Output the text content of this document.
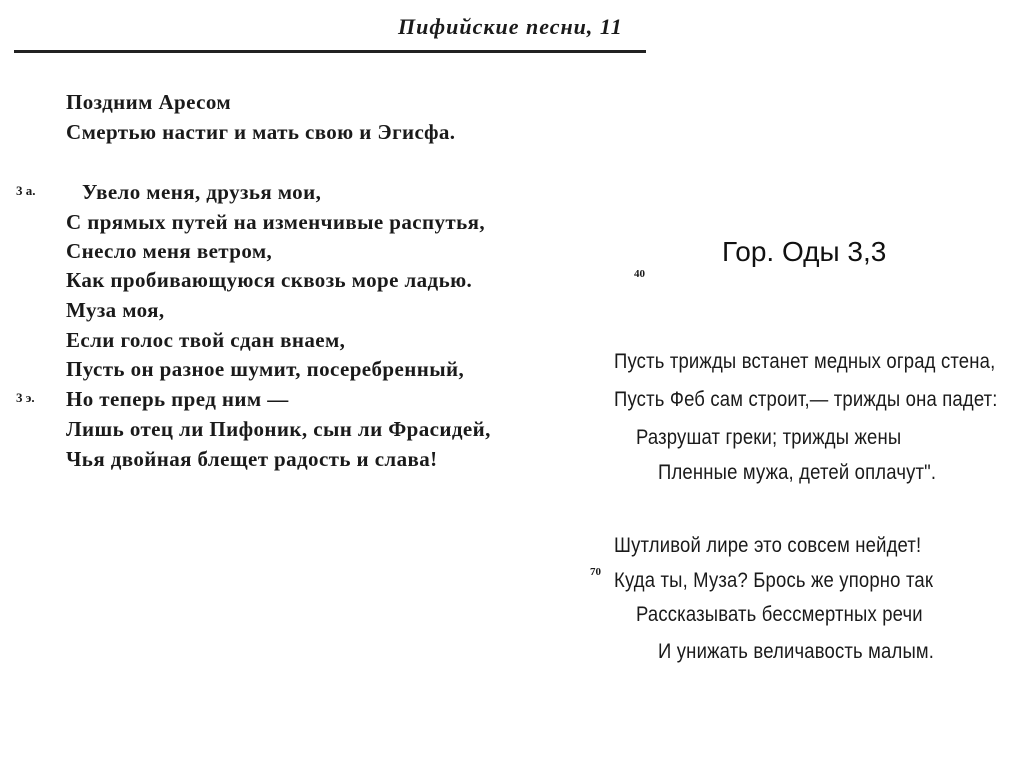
Пифийские песни, 11
Поздним Аресом
Смертью настиг и мать свою и Эгисфа.
3 а. Увело меня, друзья мои,
С прямых путей на изменчивые распутья,
Снесло меня ветром,
Как пробивающуюся сквозь море ладью.
Муза моя,
Если голос твой сдан внаем,
Пусть он разное шумит, посеребренный,
3 э. Но теперь пред ним —
Лишь отец ли Пифоник, сын ли Фрасидей,
Чья двойная блещет радость и слава!
Гор. Оды 3,3
40
Пусть трижды встанет медных оград стена,
Пусть Феб сам строит,— трижды она падет:
Разрушат греки; трижды жены
Пленные мужа, детей оплачут".
Шутливой лире это совсем нейдет!
70 Куда ты, Муза? Брось же упорно так
Рассказывать бессмертных речи
И унижать величавость малым.
